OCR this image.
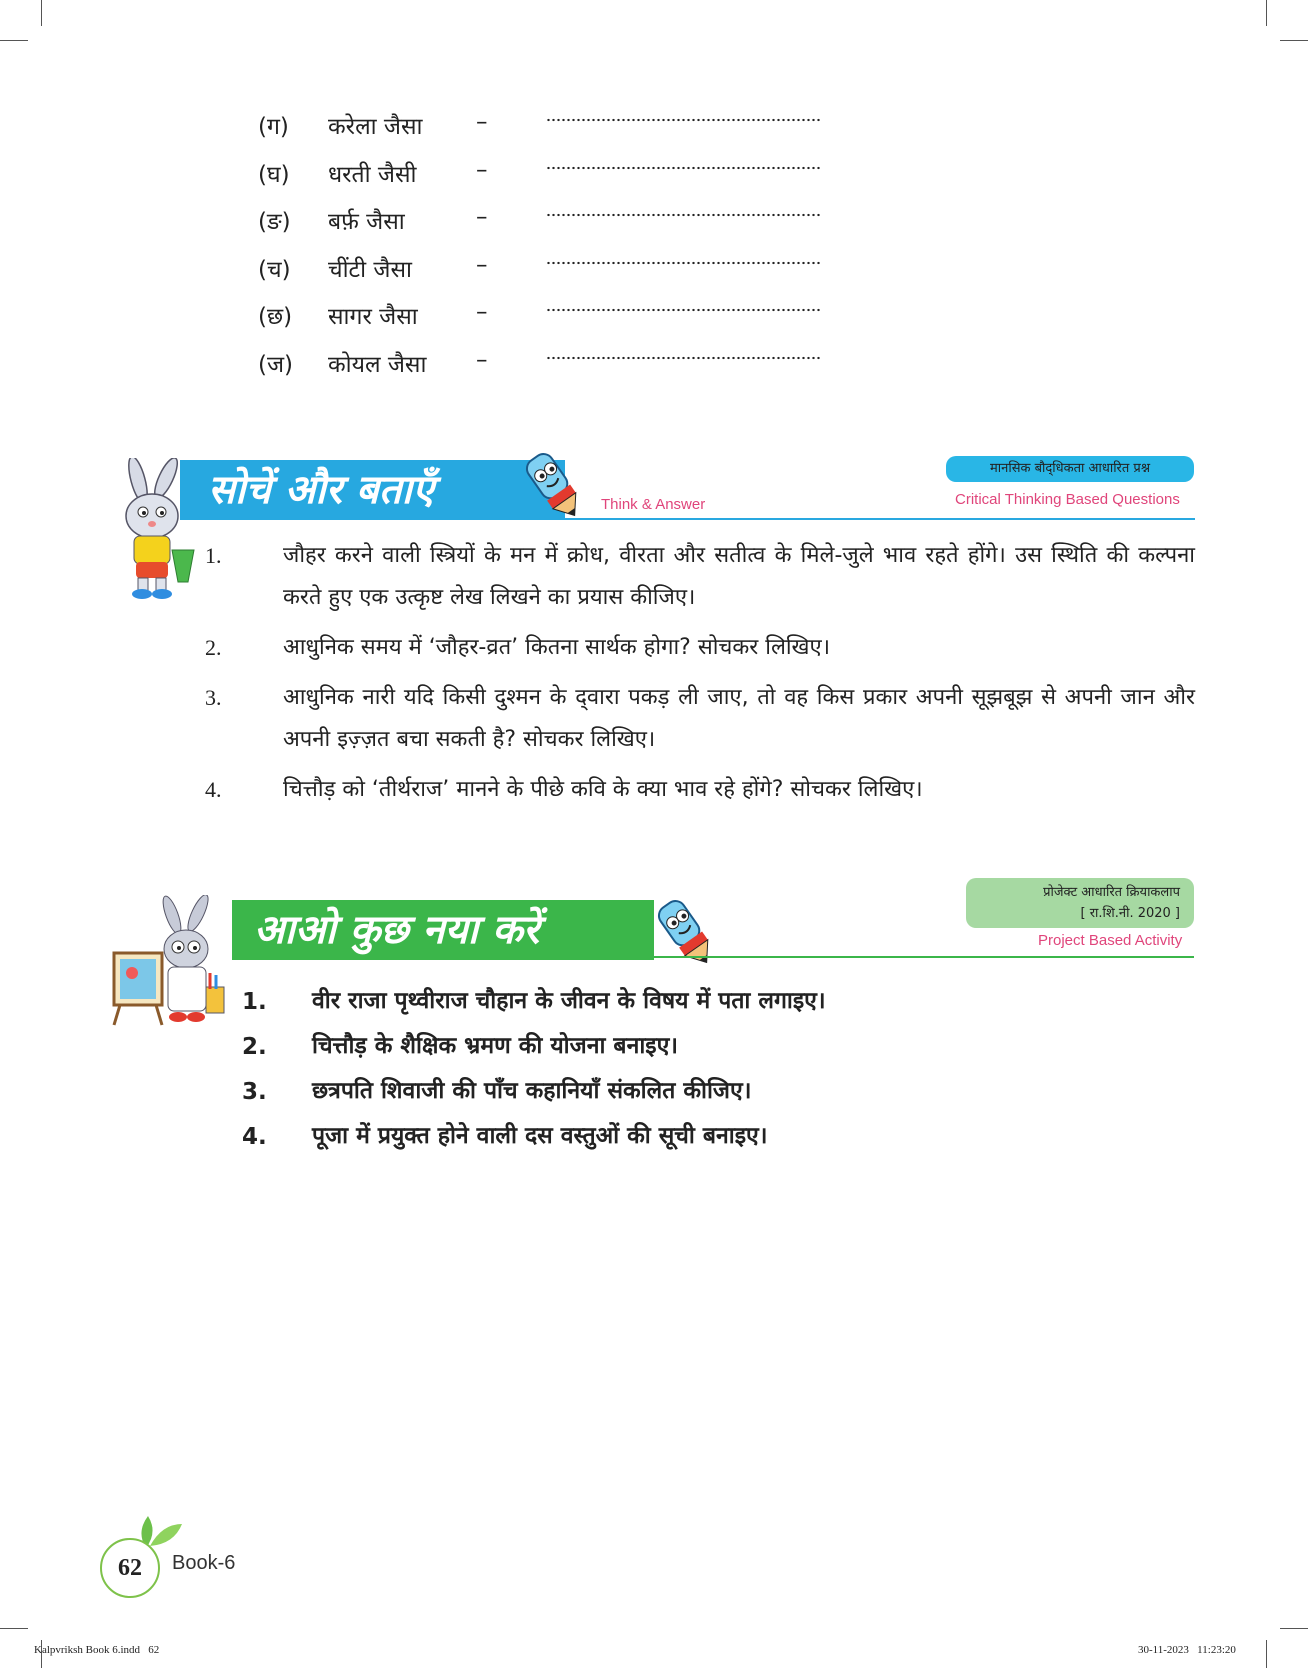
(ग) करेला जैसा –
(घ) धरती जैसी	–
(ङ) बर्फ़ जैसा	–
(च) चींटी जैसा	–
(छ) सागर जैसा	–
(ज) कोयल जैसा –
सोचें और बताएँ	Think & Answer
मानसिक बौद्‌धिकता आधारित प्रश्न
Critical Thinking Based Questions
1.	जौहर करने वाली स्त्रियों के मन में क्रोध, वीरता और सतीत्व के मिले-जुले भाव रहते होंगे। उस स्थिति की कल्पना करते हुए एक उत्कृष्ट लेख लिखने का प्रयास कीजिए।
2.	आधुनिक समय में ‘जौहर-व्रत’ कितना सार्थक होगा? सोचकर लिखिए।
3.	आधुनिक नारी यदि किसी दुश्मन के द्‌वारा पकड़ ली जाए, तो वह किस प्रकार अपनी सूझबूझ से अपनी जान और अपनी इज़्ज़त बचा सकती है? सोचकर लिखिए।
4.	चित्तौड़ को ‘तीर्थराज’ मानने के पीछे कवि के क्या भाव रहे होंगे? सोचकर लिखिए।
आओ कुछ नया करें
प्रोजेक्ट आधारित क्रियाकलाप
[ रा.शि.नी. 2020 ]
Project Based Activity
1. वीर राजा पृथ्वीराज चौहान के जीवन के विषय में पता लगाइए।
2. चित्तौड़ के शैक्षिक भ्रमण की योजना बनाइए।
3. छत्रपति शिवाजी की पाँच कहानियाँ संकलित कीजिए।
4. पूजा में प्रयुक्त होने वाली दस वस्तुओं की सूची बनाइए।
62	Book-6
Kalpvriksh Book 6.indd   62	30-11-2023   11:23:20
